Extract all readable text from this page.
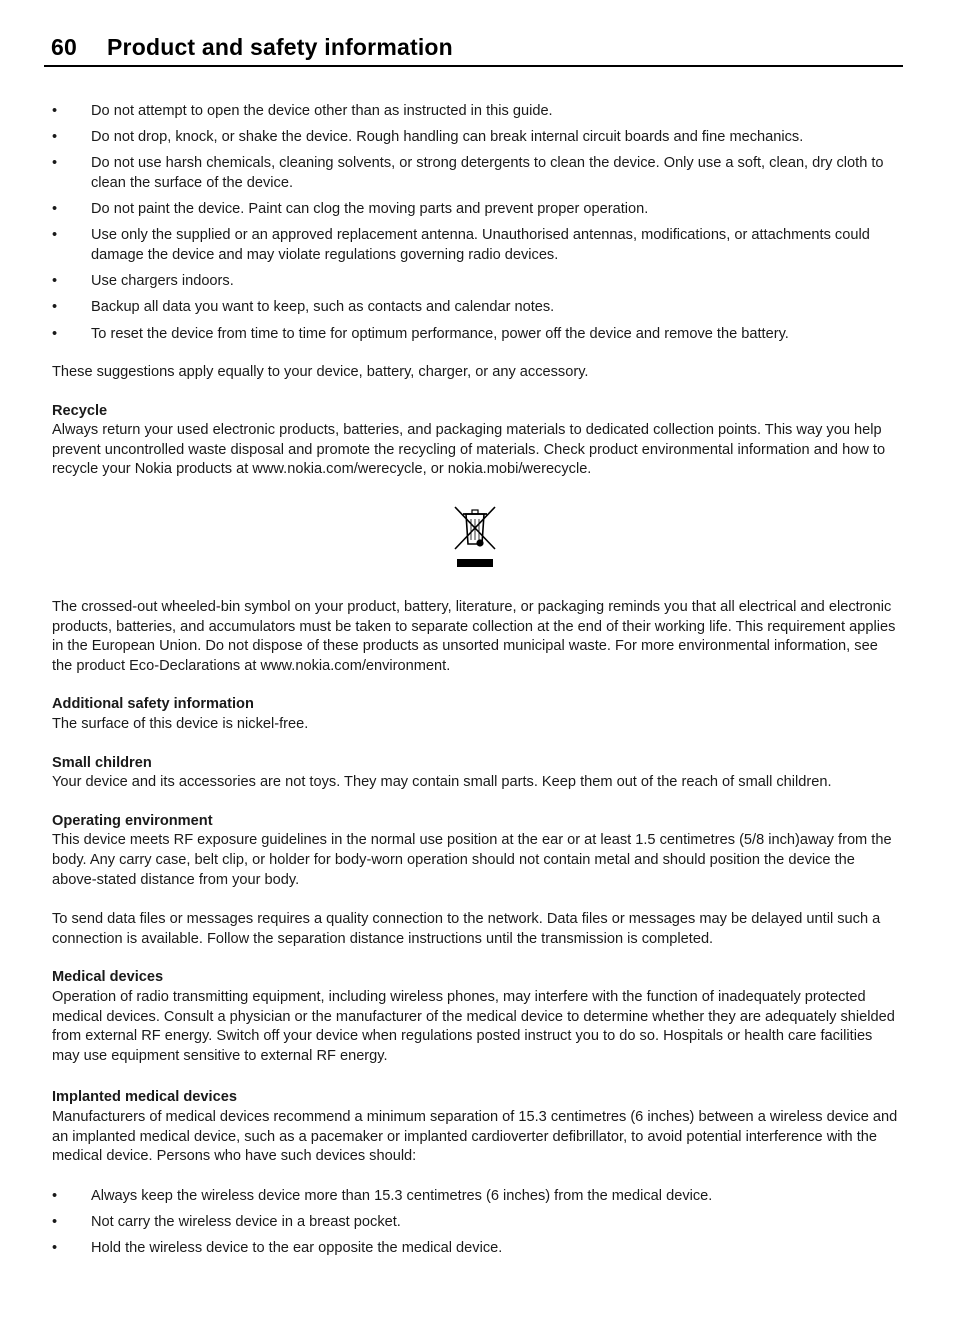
60 Product and safety information
•	Do not attempt to open the device other than as instructed in this guide.
•	Do not drop, knock, or shake the device. Rough handling can break internal circuit boards and fine mechanics.
•	Do not use harsh chemicals, cleaning solvents, or strong detergents to clean the device. Only use a soft, clean, dry cloth to clean the surface of the device.
•	Do not paint the device. Paint can clog the moving parts and prevent proper operation.
•	Use only the supplied or an approved replacement antenna. Unauthorised antennas, modifications, or attachments could damage the device and may violate regulations governing radio devices.
•	Use chargers indoors.
•	Backup all data you want to keep, such as contacts and calendar notes.
•	To reset the device from time to time for optimum performance, power off the device and remove the battery.

These suggestions apply equally to your device, battery, charger, or any accessory.

Recycle

Always return your used electronic products, batteries, and packaging materials to dedicated collection points. This way you help prevent uncontrolled waste disposal and promote the recycling of materials. Check product environmental information and how to recycle your Nokia products at www.nokia.com/werecycle, or nokia.mobi/werecycle.

The crossed-out wheeled-bin symbol on your product, battery, literature, or packaging reminds you that all electrical and electronic products, batteries, and accumulators must be taken to separate collection at the end of their working life. This requirement applies in the European Union. Do not dispose of these products as unsorted municipal waste. For more environmental information, see the product Eco-Declarations at www.nokia.com/environment.

Additional safety information

The surface of this device is nickel-free.

Small children

Your device and its accessories are not toys. They may contain small parts. Keep them out of the reach of small children.

Operating environment

This device meets RF exposure guidelines in the normal use position at the ear or at least 1.5 centimetres (5/8 inch)away from the body. Any carry case, belt clip, or holder for body-worn operation should not contain metal and should position the device the above-stated distance from your body.

To send data files or messages requires a quality connection to the network. Data files or messages may be delayed until such a connection is available. Follow the separation distance instructions until the transmission is completed.

Medical devices

Operation of radio transmitting equipment, including wireless phones, may interfere with the function of inadequately protected medical devices. Consult a physician or the manufacturer of the medical device to determine whether they are adequately shielded from external RF energy. Switch off your device when regulations posted instruct you to do so. Hospitals or health care facilities may use equipment sensitive to external RF energy.

Implanted medical devices

Manufacturers of medical devices recommend a minimum separation of 15.3 centimetres (6 inches) between a wireless device and an implanted medical device, such as a pacemaker or implanted cardioverter defibrillator, to avoid potential interference with the medical device. Persons who have such devices should:

•	Always keep the wireless device more than 15.3 centimetres (6 inches) from the medical device.
•	Not carry the wireless device in a breast pocket.
•	Hold the wireless device to the ear opposite the medical device.
